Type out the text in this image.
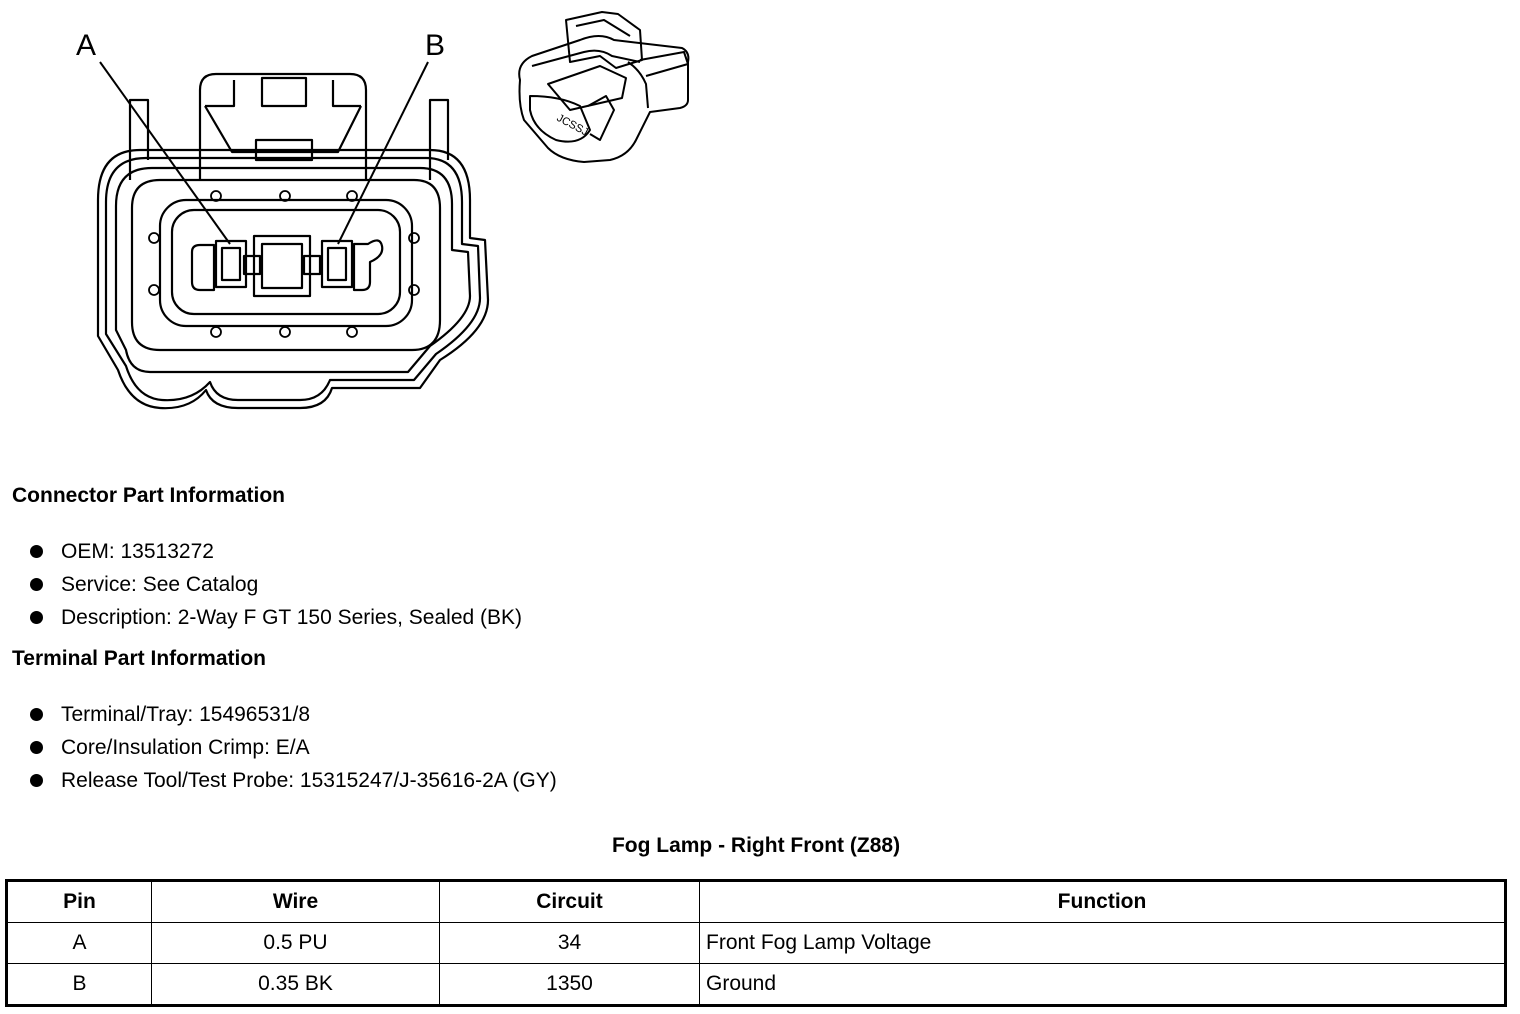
A	B
JCSSJ
Connector Part Information
OEM: 13513272
Service: See Catalog
Description: 2-Way F GT 150 Series, Sealed (BK)
Terminal Part Information
Terminal/Tray: 15496531/8
Core/Insulation Crimp: E/A
Release Tool/Test Probe: 15315247/J-35616-2A (GY)
Fog Lamp - Right Front (Z88)
Pin	Wire	Circuit	Function
A	0.5 PU	34	Front Fog Lamp Voltage
B	0.35 BK	1350	Ground
